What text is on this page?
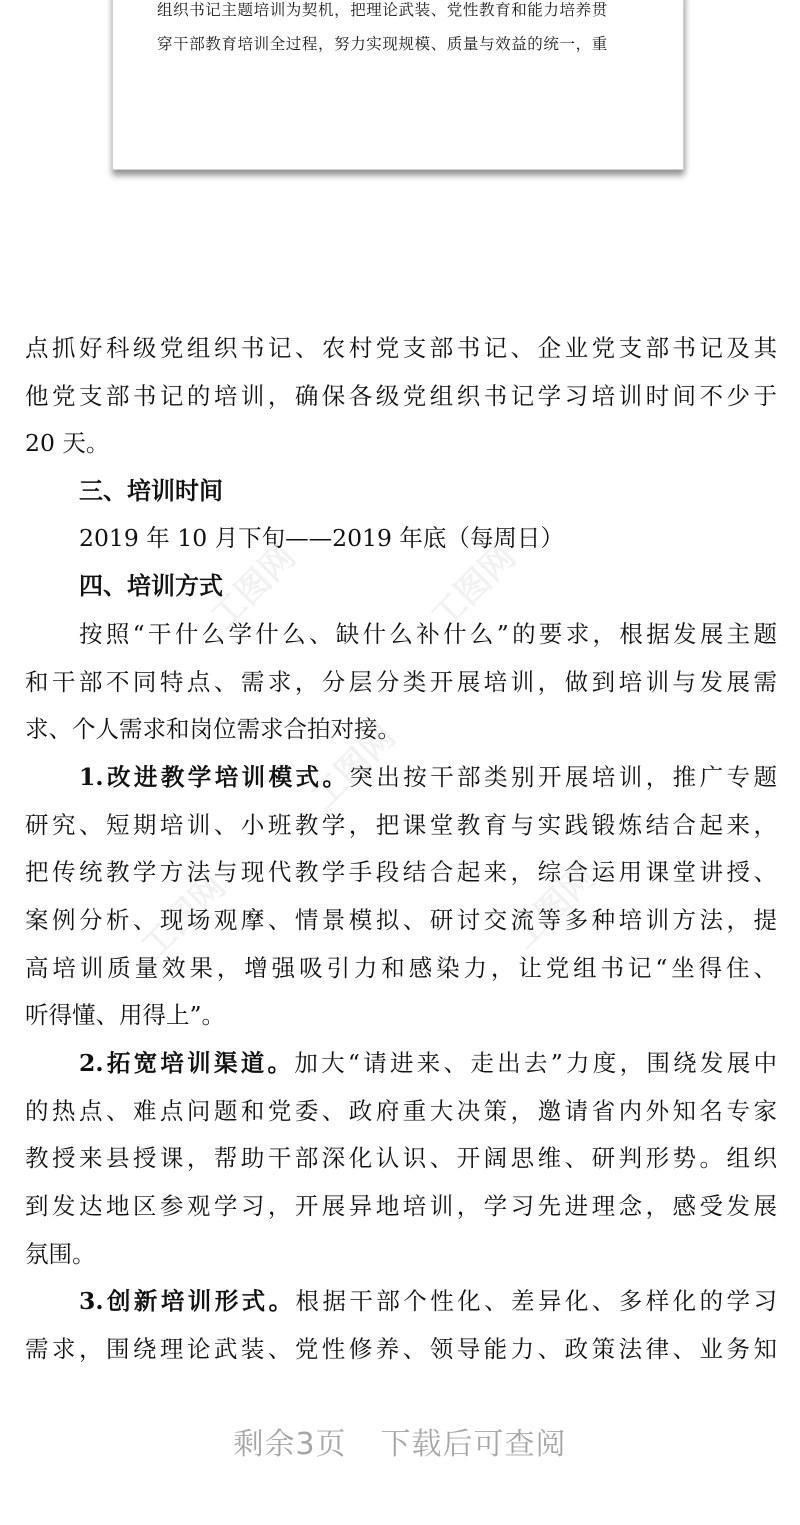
组织书记主题培训为契机，把理论武装、党性教育和能力培养贯
穿干部教育培训全过程，努力实现规模、质量与效益的统一，重
工图网	工图网
工图网
工图网	工图网
点抓好科级党组织书记、农村党支部书记、企业党支部书记及其
他党支部书记的培训，确保各级党组织书记学习培训时间不少于
20 天。
三、培训时间
2019 年 10 月下旬——2019 年底（每周日）
四、培训方式
按照“干什么学什么、缺什么补什么”的要求，根据发展主题
和干部不同特点、需求，分层分类开展培训，做到培训与发展需
求、个人需求和岗位需求合拍对接。
1.改进教学培训模式。突出按干部类别开展培训，推广专题
研究、短期培训、小班教学，把课堂教育与实践锻炼结合起来，
把传统教学方法与现代教学手段结合起来，综合运用课堂讲授、
案例分析、现场观摩、情景模拟、研讨交流等多种培训方法，提
高培训质量效果，增强吸引力和感染力，让党组书记“坐得住、
听得懂、用得上”。
2.拓宽培训渠道。加大“请进来、走出去”力度，围绕发展中
的热点、难点问题和党委、政府重大决策，邀请省内外知名专家
教授来县授课，帮助干部深化认识、开阔思维、研判形势。组织
到发达地区参观学习，开展异地培训，学习先进理念，感受发展
氛围。
3.创新培训形式。根据干部个性化、差异化、多样化的学习
需求，围绕理论武装、党性修养、领导能力、政策法律、业务知
剩余3页 下载后可查阅
